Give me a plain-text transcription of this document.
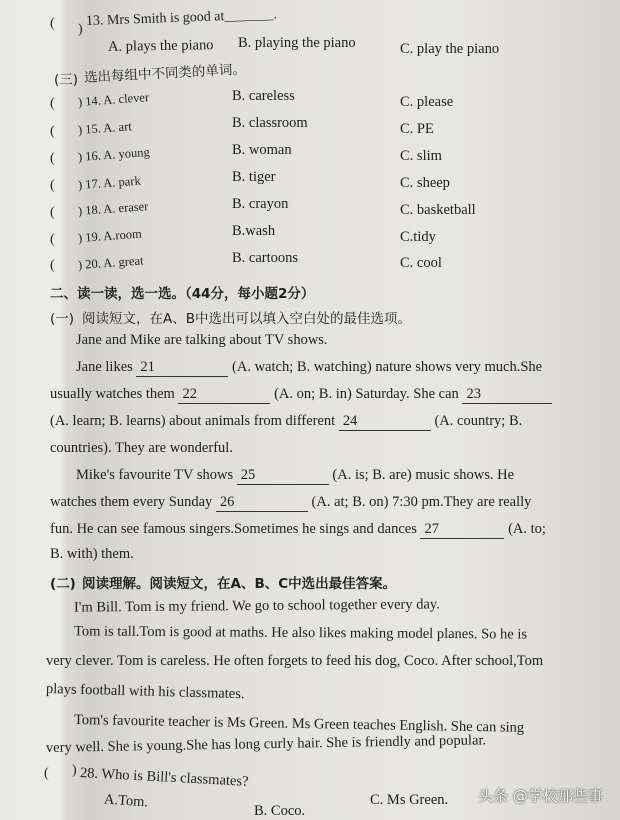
( )
13. Mrs Smith is good at_______.
A. plays the piano B. playing the piano	C. play the piano
(三) 选出每组中不同类的单词。
( ) 14. A. clever	B. careless	C. please
( ) 15. A. art	B. classroom	C. PE
( ) 16. A. young	B. woman	C. slim
( ) 17. A. park	B. tiger	C. sheep
( ) 18. A. eraser	B. crayon	C. basketball
( ) 19. A.room	B.wash	C.tidy
( ) 20. A. great	B. cartoons	C. cool
二、读一读，选一选。（44分，每小题2分）
(一) 阅读短文，在A、B中选出可以填入空白处的最佳选项。
Jane and Mike are talking about TV shows.
Jane likes 21	(A. watch; B. watching) nature shows very much.She
usually watches them 22	(A. on; B. in) Saturday. She can 23
(A. learn; B. learns) about animals from different 24	(A. country; B.
countries). They are wonderful.
Mike's favourite TV shows 25	(A. is; B. are) music shows. He
watches them every Sunday 26	(A. at; B. on) 7:30 pm.They are really
fun. He can see famous singers.Sometimes he sings and dances 27	(A. to;
B. with) them.
(二) 阅读理解。阅读短文，在A、B、C中选出最佳答案。
I'm Bill. Tom is my friend. We go to school together every day.
Tom is tall.Tom is good at maths. He also likes making model planes. So he is
very clever. Tom is careless. He often forgets to feed his dog, Coco. After school,Tom
plays football with his classmates.
Tom's favourite teacher is Ms Green. Ms Green teaches English. She can sing
very well. She is young.She has long curly hair. She is friendly and popular.
( ) 28. Who is Bill's classmates?
A.Tom.
B. Coco.
C. Ms Green. 头条 @学校那些事
